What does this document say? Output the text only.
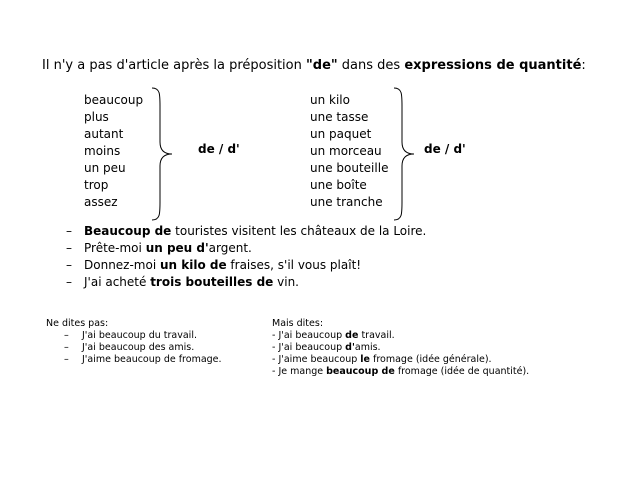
Il n'y a pas d'article après la préposition "de" dans des expressions de quantité:
beaucoup
plus
autant
moins
un peu
trop
assez
de / d'
un kilo
une tasse
un paquet
un morceau
une bouteille
une boîte
une tranche
de / d'
– Beaucoup de touristes visitent les châteaux de la Loire.
– Prête-moi un peu d'argent.
– Donnez-moi un kilo de fraises, s'il vous plaît!
– J'ai acheté trois bouteilles de vin.
Ne dites pas:
– J'ai beaucoup du travail.
– J'ai beaucoup des amis.
– J'aime beaucoup de fromage.
Mais dites:
- J'ai beaucoup de travail.
- J'ai beaucoup d'amis.
- J'aime beaucoup le fromage (idée générale).
- Je mange beaucoup de fromage (idée de quantité).
